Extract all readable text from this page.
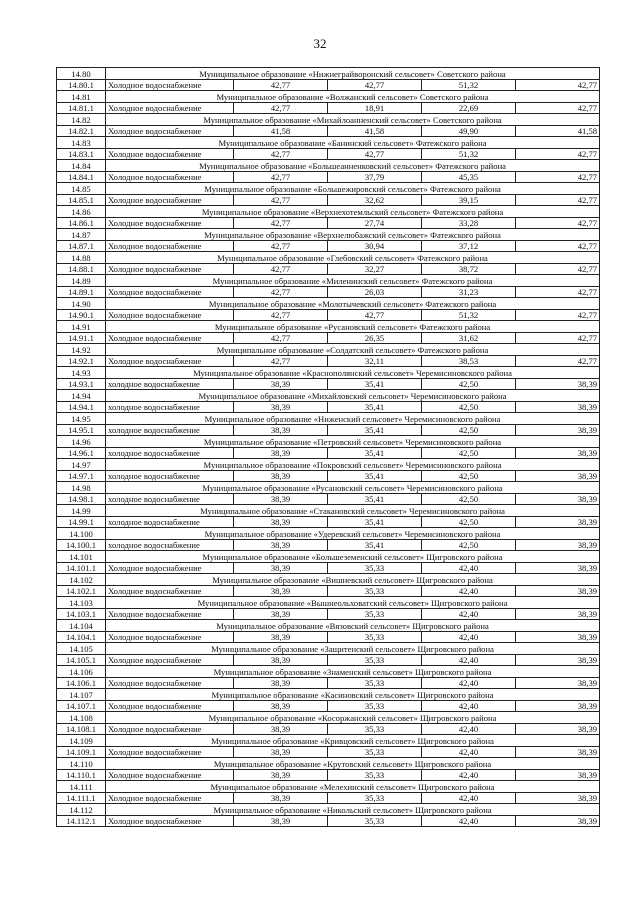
32
14.80	Муниципальное образование «Нижнеграйворонский сельсовет» Советского района				
14.80.1	Холодное водоснабжение	42,77	42,77	51,32	42,77
14.81	Муниципальное образование «Волжанский сельсовет» Советского района				
14.81.1	Холодное водоснабжение	42,77	18,91	22,69	42,77
14.82	Муниципальное образование «Михайлоанненский сельсовет» Советского района				
14.82.1	Холодное водоснабжение	41,58	41,58	49,90	41,58
14.83	Муниципальное образование «Банинский сельсовет» Фатежского района				
14.83.1	Холодное водоснабжение	42,77	42,77	51,32	42,77
14.84	Муниципальное образование «Большеанненковский сельсовет» Фатежского района				
14.84.1	Холодное водоснабжение	42,77	37,79	45,35	42,77
14.85	Муниципальное образование «Большежировский сельсовет» Фатежского района				
14.85.1	Холодное водоснабжение	42,77	32,62	39,15	42,77
14.86	Муниципальное образование «Верхнехотемльский сельсовет» Фатежского района				
14.86.1	Холодное водоснабжение	42,77	27,74	33,28	42,77
14.87	Муниципальное образование «Верхнелюбажский сельсовет» Фатежского района				
14.87.1	Холодное водоснабжение	42,77	30,94	37,12	42,77
14.88	Муниципальное образование «Глебовский сельсовет» Фатежского района				
14.88.1	Холодное водоснабжение	42,77	32,27	38,72	42,77
14.89	Муниципальное образование «Миленинский сельсовет» Фатежского района				
14.89.1	Холодное водоснабжение	42,77	26,03	31,23	42,77
14.90	Муниципальное образование «Молотычевский сельсовет» Фатежского района				
14.90.1	Холодное водоснабжение	42,77	42,77	51,32	42,77
14.91	Муниципальное образование «Русановский сельсовет» Фатежского района				
14.91.1	Холодное водоснабжение	42,77	26,35	31,62	42,77
14.92	Муниципальное образование «Солдатский сельсовет» Фатежского района				
14.92.1	Холодное водоснабжение	42,77	32,11	38,53	42,77
14.93	Муниципальное образование «Краснополянский сельсовет» Черемисиновского района				
14.93.1	холодное водоснабжение	38,39	35,41	42,50	38,39
14.94	Муниципальное образование «Михайловский сельсовет» Черемисиновского района				
14.94.1	холодное водоснабжение	38,39	35,41	42,50	38,39
14.95	Муниципальное образование «Ниженский сельсовет» Черемисиновского района				
14.95.1	холодное водоснабжение	38,39	35,41	42,50	38,39
14.96	Муниципальное образование «Петровский сельсовет» Черемисиновского района				
14.96.1	холодное водоснабжение	38,39	35,41	42,50	38,39
14.97	Муниципальное образование «Покровский сельсовет» Черемисиновского района				
14.97.1	холодное водоснабжение	38,39	35,41	42,50	38,39
14.98	Муниципальное образование «Русановский сельсовет» Черемисиновского района				
14.98.1	холодное водоснабжение	38,39	35,41	42,50	38,39
14.99	Муниципальное образование «Стакановский сельсовет» Черемисиновского района				
14.99.1	холодное водоснабжение	38,39	35,41	42,50	38,39
14.100	Муниципальное образование «Удеревский сельсовет» Черемисиновского района				
14.100.1	холодное водоснабжение	38,39	35,41	42,50	38,39
14.101	Муниципальное образование «Большеземенский сельсовет» Щигровского района				
14.101.1	Холодное водоснабжение	38,39	35,33	42,40	38,39
14.102	Муниципальное образование «Вишневский сельсовет» Щигровского района				
14.102.1	Холодное водоснабжение	38,39	35,33	42,40	38,39
14.103	Муниципальное образование «Вышнеольховатский сельсовет» Щигровского района				
14.103.1	Холодное водоснабжение	38,39	35,33	42,40	38,39
14.104	Муниципальное образование «Вязовский сельсовет» Щигровского района				
14.104.1	Холодное водоснабжение	38,39	35,33	42,40	38,39
14.105	Муниципальное образование «Защитенский сельсовет» Щигровского района				
14.105.1	Холодное водоснабжение	38,39	35,33	42,40	38,39
14.106	Муниципальное образование «Знаменский сельсовет» Щигровского района				
14.106.1	Холодное водоснабжение	38,39	35,33	42,40	38,39
14.107	Муниципальное образование «Касиновский сельсовет» Щигровского района				
14.107.1	Холодное водоснабжение	38,39	35,33	42,40	38,39
14.108	Муниципальное образование «Косоржанский сельсовет» Щигровского района				
14.108.1	Холодное водоснабжение	38,39	35,33	42,40	38,39
14.109	Муниципальное образование «Кривцовский сельсовет» Щигровского района				
14.109.1	Холодное водоснабжение	38,39	35,33	42,40	38,39
14.110	Муниципальное образование «Крутовский сельсовет» Щигровского района				
14.110.1	Холодное водоснабжение	38,39	35,33	42,40	38,39
14.111	Муниципальное образование «Мелехинский сельсовет» Щигровского района				
14.111.1	Холодное водоснабжение	38,39	35,33	42,40	38,39
14.112	Муниципальное образование «Никольский сельсовет» Щигровского района				
14.112.1	Холодное водоснабжение	38,39	35,33	42,40	38,39
